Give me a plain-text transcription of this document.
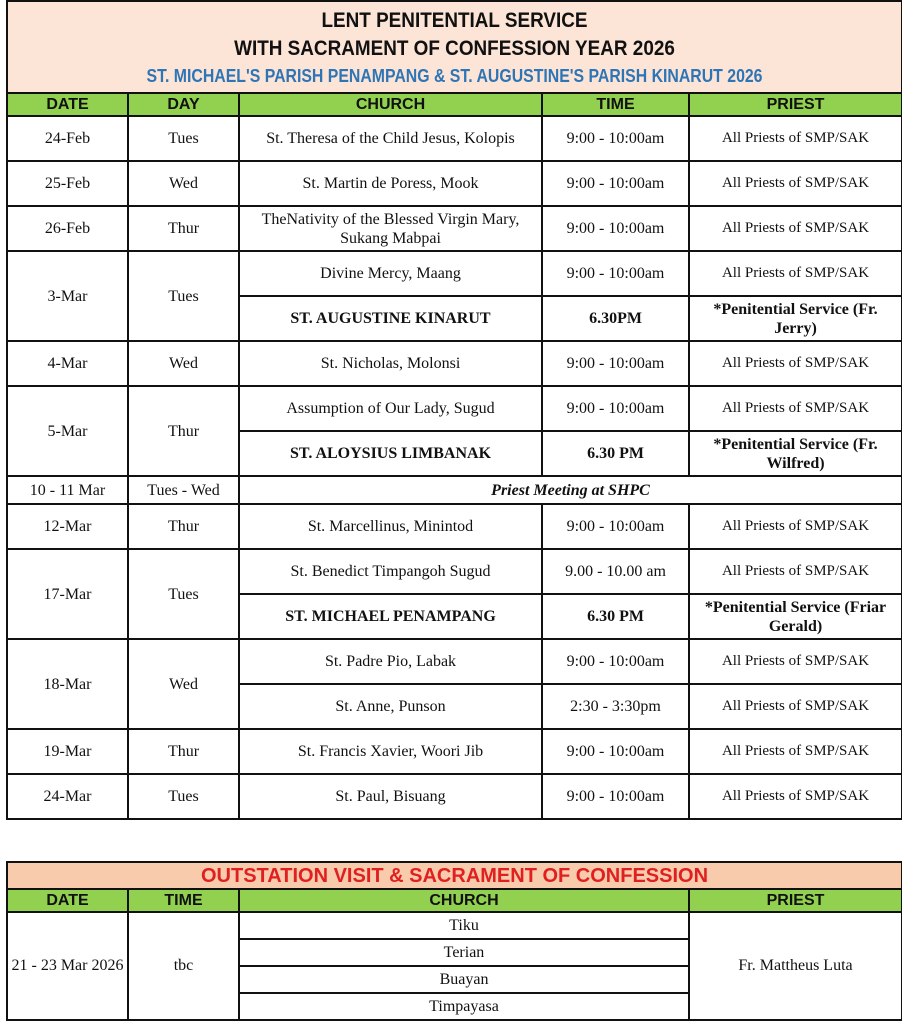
LENT PENITENTIAL SERVICE
WITH SACRAMENT OF CONFESSION YEAR 2026
ST. MICHAEL'S PARISH PENAMPANG & ST. AUGUSTINE'S PARISH KINARUT 2026				

DATE	DAY	CHURCH	TIME	PRIEST
24-Feb	Tues	St. Theresa of the Child Jesus, Kolopis	9:00 - 10:00am	All Priests of SMP/SAK
25-Feb	Wed	St. Martin de Poress, Mook	9:00 - 10:00am	All Priests of SMP/SAK
26-Feb	Thur	TheNativity of the Blessed Virgin Mary, Sukang Mabpai	9:00 - 10:00am	All Priests of SMP/SAK
3-Mar	Tues	Divine Mercy, Maang	9:00 - 10:00am	All Priests of SMP/SAK
		ST. AUGUSTINE KINARUT	6.30PM	*Penitential Service (Fr. Jerry)
4-Mar	Wed	St. Nicholas, Molonsi	9:00 - 10:00am	All Priests of SMP/SAK
5-Mar	Thur	Assumption of Our Lady, Sugud	9:00 - 10:00am	All Priests of SMP/SAK
		ST. ALOYSIUS LIMBANAK	6.30 PM	*Penitential Service (Fr. Wilfred)
10 - 11 Mar	Tues - Wed	Priest Meeting at SHPC		
12-Mar	Thur	St. Marcellinus, Minintod	9:00 - 10:00am	All Priests of SMP/SAK
17-Mar	Tues	St. Benedict Timpangoh Sugud	9.00 - 10.00 am	All Priests of SMP/SAK
		ST. MICHAEL PENAMPANG	6.30 PM	*Penitential Service (Friar Gerald)
18-Mar	Wed	St. Padre Pio, Labak	9:00 - 10:00am	All Priests of SMP/SAK
		St. Anne, Punson	2:30 - 3:30pm	All Priests of SMP/SAK
19-Mar	Thur	St. Francis Xavier, Woori Jib	9:00 - 10:00am	All Priests of SMP/SAK
24-Mar	Tues	St. Paul, Bisuang	9:00 - 10:00am	All Priests of SMP/SAK
OUTSTATION VISIT & SACRAMENT OF CONFESSION			
DATE	TIME	CHURCH	PRIEST
21 - 23 Mar 2026	tbc	Tiku	Fr. Mattheus Luta
		Terian	
		Buayan	
		Timpayasa	
